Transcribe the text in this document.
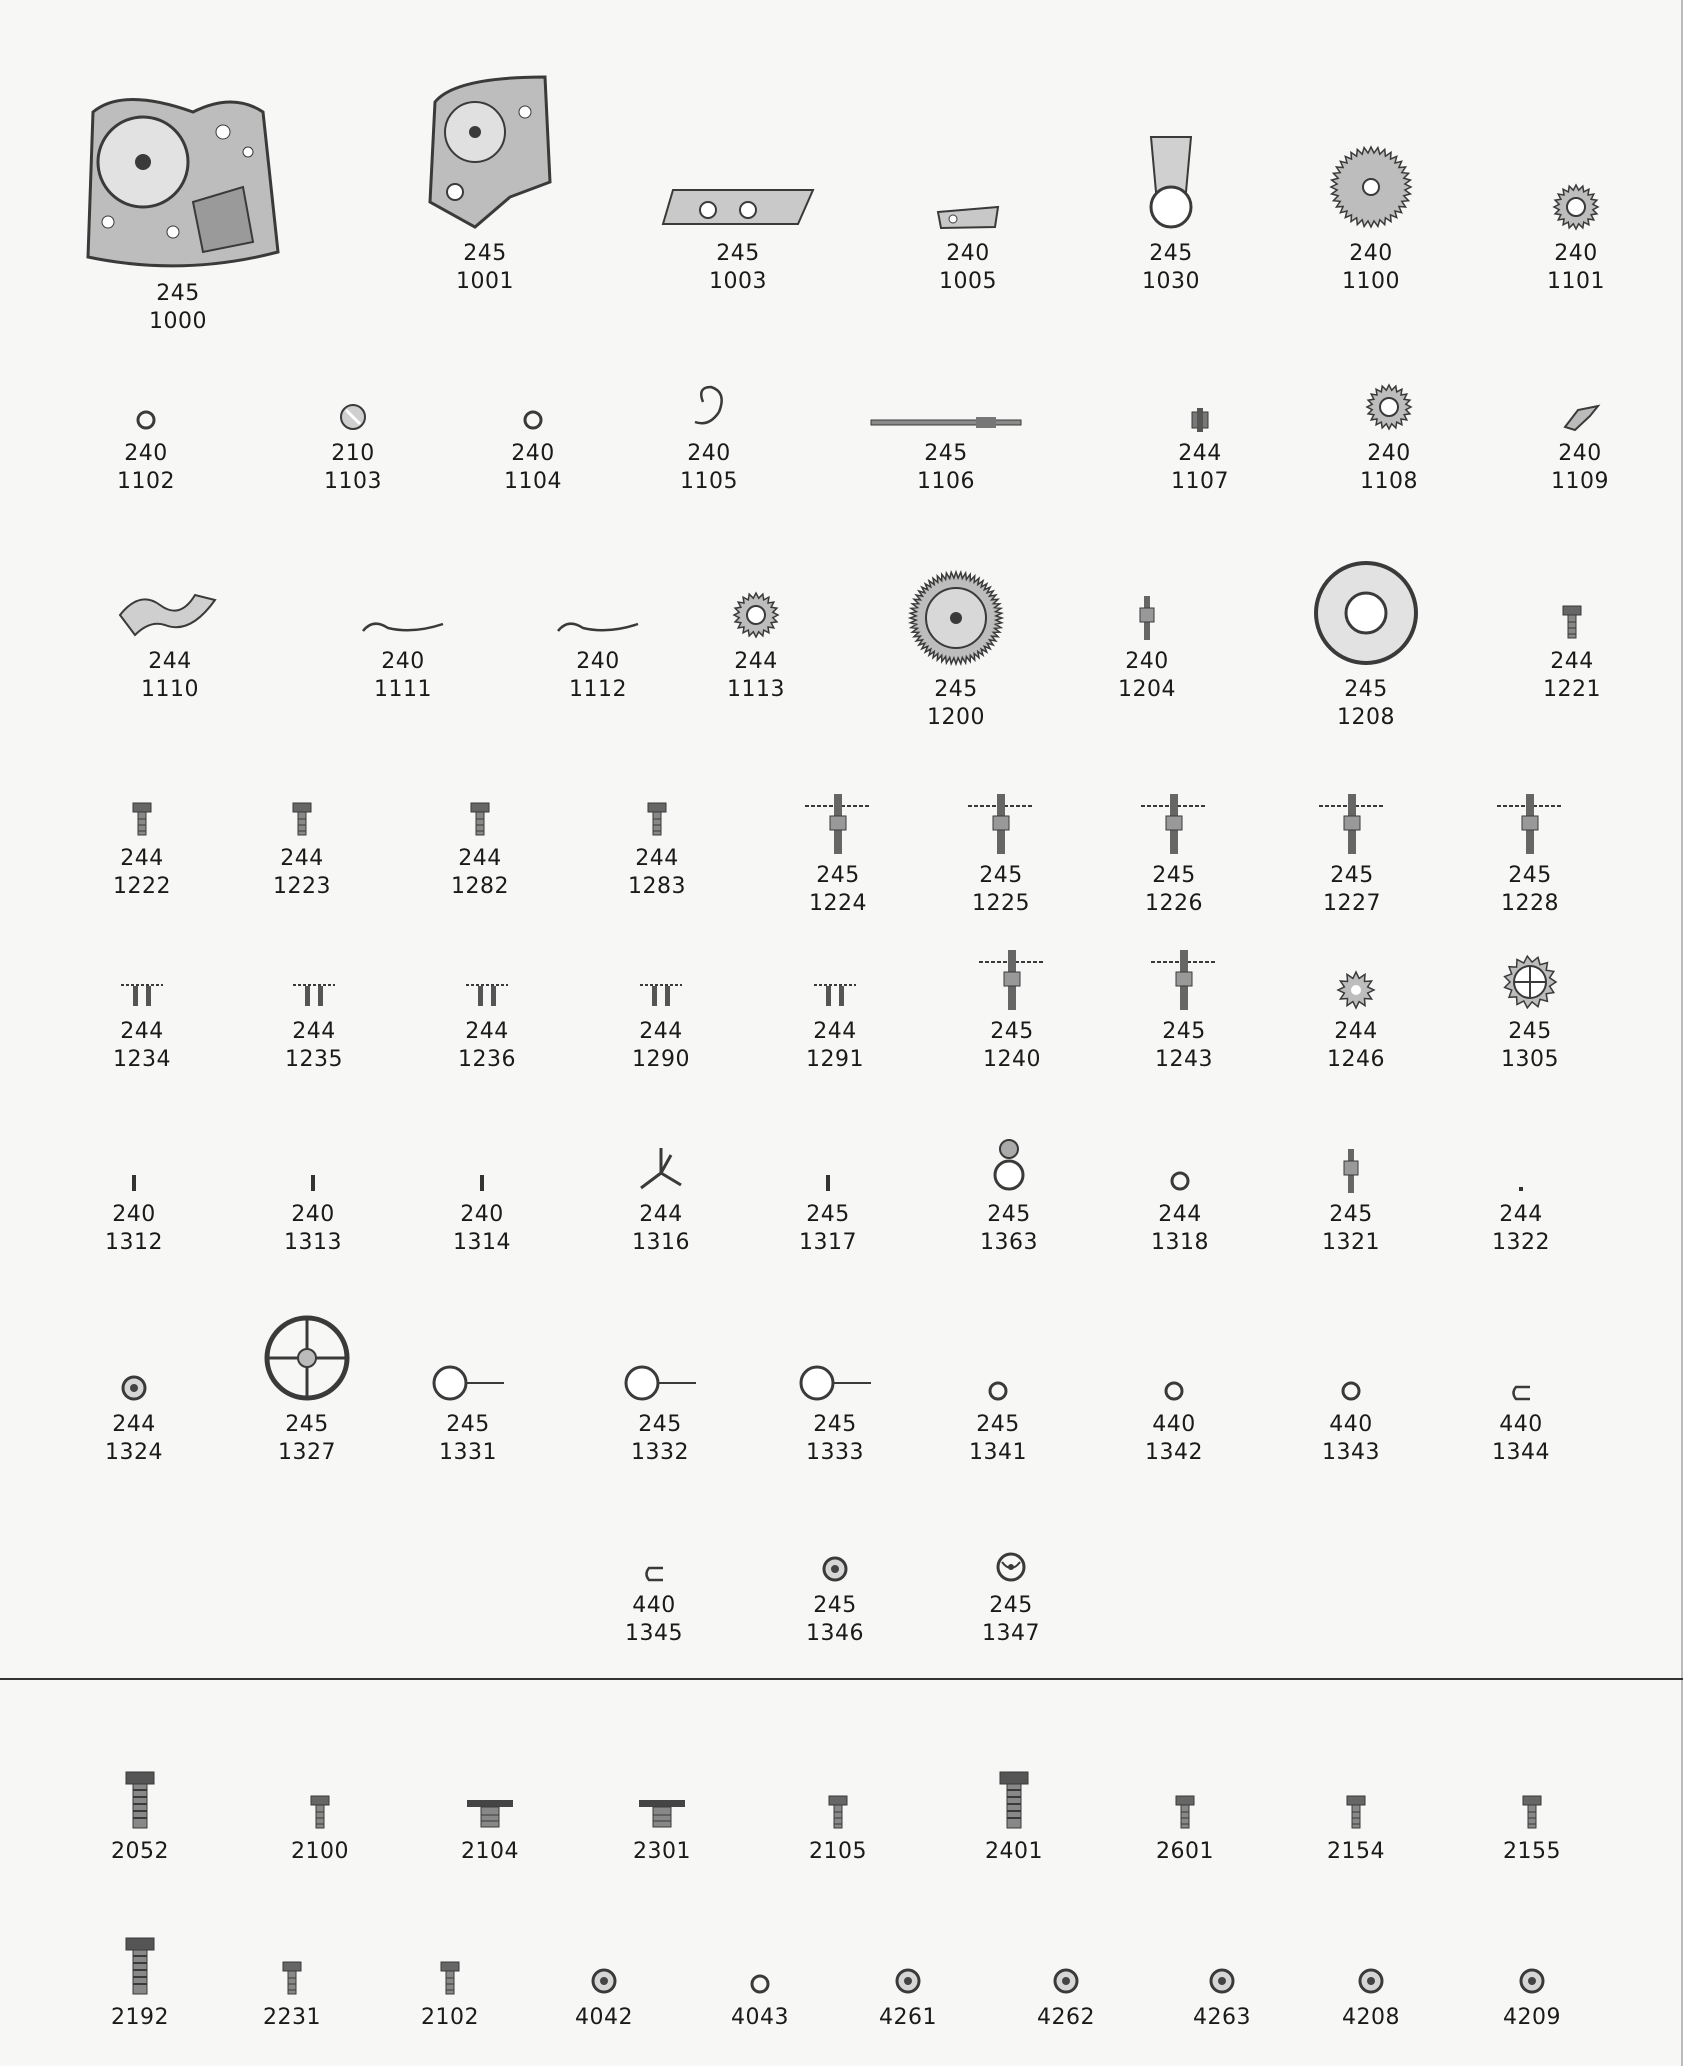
245
1000
245
1001
245
1003
240
1005
245
1030
240
1100
240
1101
240
1102
210
1103
240
1104
240
1105
245
1106
244
1107
240
1108
240
1109
244
1110
240
1111
240
1112
244
1113	245
1200
240
1204	245
1208
244
1221
244
1222
244
1223
244
1282
244
1283	245
1224
245
1225
245
1226
245
1227
245
1228
244
1234
244
1235
244
1236
244
1290
244
1291
245
1240
245
1243
244
1246
245
1305
240
1312
240
1313
240
1314
244
1316
245
1317
245
1363
244
1318
245
1321
244
1322
244
1324
245
1327
245
1331
245
1332
245
1333
245
1341
440
1342
440
1343
440
1344
440
1345
245
1346
245
1347
2052	2100	2104	2301	2105	2401	2601	2154	2155
2192	2231	2102	4042	4043	4261	4262	4263	4208	4209
